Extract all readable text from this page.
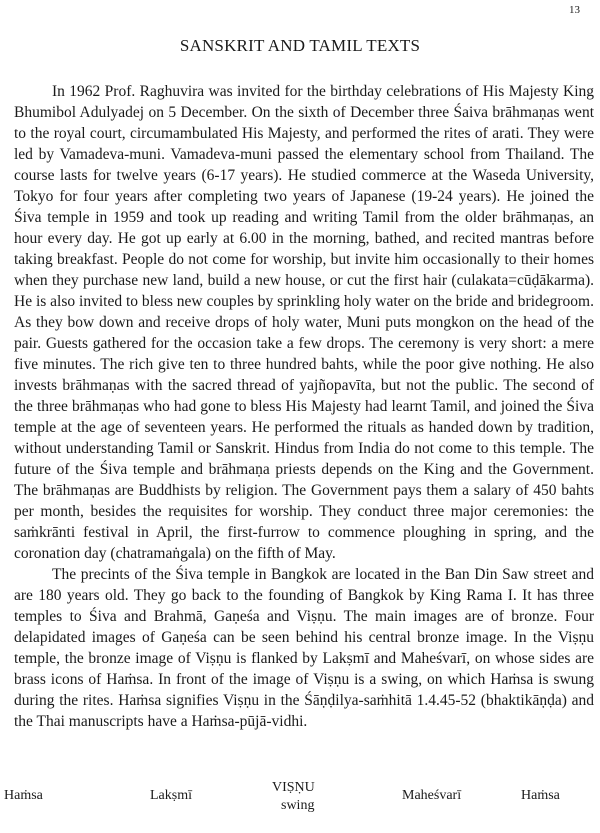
13
SANSKRIT AND TAMIL TEXTS

In 1962 Prof. Raghuvira was invited for the birthday celebrations of His Majesty King Bhumibol Adulyadej on 5 December. On the sixth of December three Śaiva brāhmaṇas went to the royal court, circumambulated His Majesty, and performed the rites of arati. They were led by Vamadeva-muni. Vamadeva-muni passed the elementary school from Thailand. The course lasts for twelve years (6-17 years). He studied commerce at the Waseda University, Tokyo for four years after completing two years of Japanese (19-24 years). He joined the Śiva temple in 1959 and took up reading and writing Tamil from the older brāhmaṇas, an hour every day. He got up early at 6.00 in the morning, bathed, and recited mantras before taking breakfast. People do not come for worship, but invite him occasionally to their homes when they purchase new land, build a new house, or cut the first hair (culakata=cūḍākarma). He is also invited to bless new couples by sprinkling holy water on the bride and bridegroom. As they bow down and receive drops of holy water, Muni puts mongkon on the head of the pair. Guests gathered for the occasion take a few drops. The ceremony is very short: a mere five minutes. The rich give ten to three hundred bahts, while the poor give nothing. He also invests brāhmaṇas with the sacred thread of yajñopavīta, but not the public. The second of the three brāhmaṇas who had gone to bless His Majesty had learnt Tamil, and joined the Śiva temple at the age of seventeen years. He performed the rituals as handed down by tradition, without understanding Tamil or Sanskrit. Hindus from India do not come to this temple. The future of the Śiva temple and brāhmaṇa priests depends on the King and the Government. The brāhmaṇas are Buddhists by religion. The Government pays them a salary of 450 bahts per month, besides the requisites for worship. They conduct three major ceremonies: the saṁkrānti festival in April, the first-furrow to commence ploughing in spring, and the coronation day (chatramaṅgala) on the fifth of May.

The precints of the Śiva temple in Bangkok are located in the Ban Din Saw street and are 180 years old. They go back to the founding of Bangkok by King Rama I. It has three temples to Śiva and Brahmā, Gaṇeśa and Viṣṇu. The main images are of bronze. Four delapidated images of Gaṇeśa can be seen behind his central bronze image. In the Viṣṇu temple, the bronze image of Viṣṇu is flanked by Lakṣmī and Maheśvarī, on whose sides are brass icons of Haṁsa. In front of the image of Viṣṇu is a swing, on which Haṁsa is swung during the rites. Haṁsa signifies Viṣṇu in the Śāṇḍilya-saṁhitā 1.4.45-52 (bhaktikāṇḍa) and the Thai manuscripts have a Haṁsa-pūjā-vidhi.

Haṁsa	Lakṣmī
VIṢṆU
swing
Maheśvarī	Haṁsa
